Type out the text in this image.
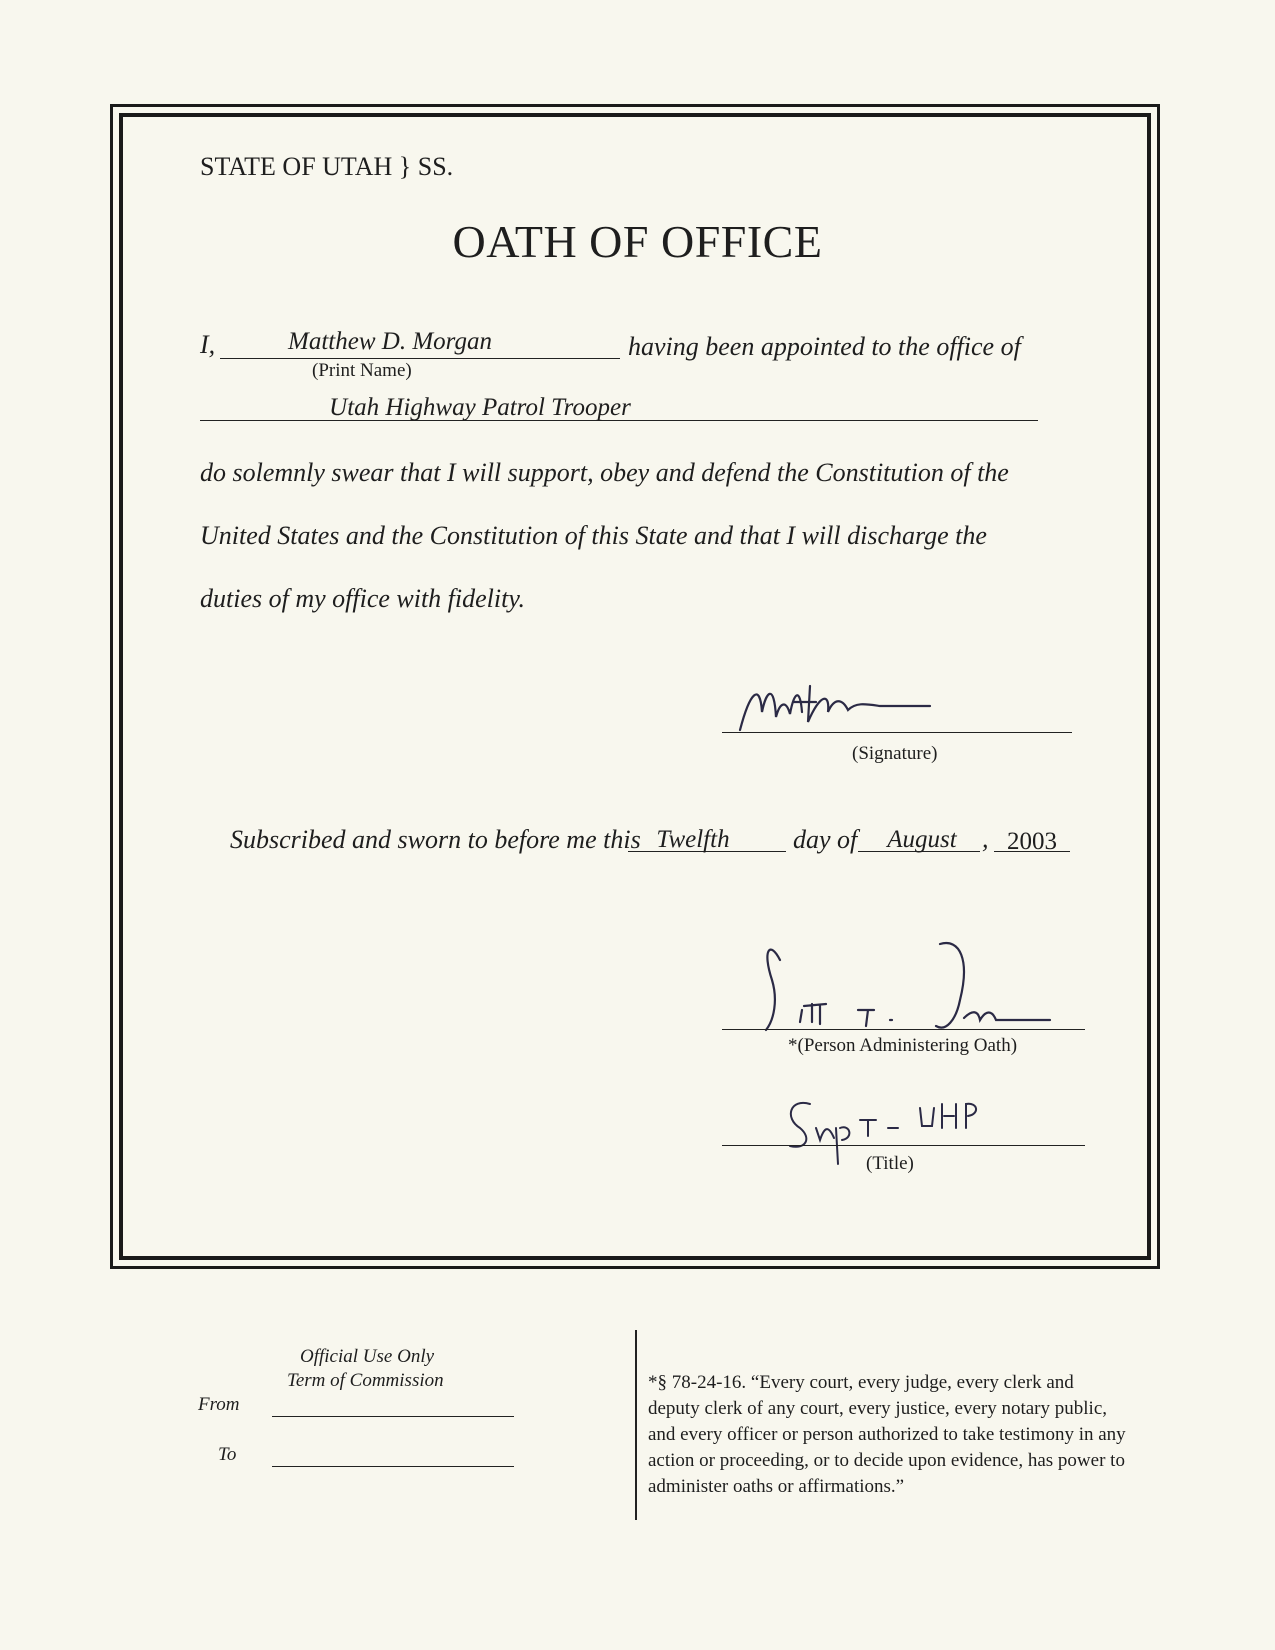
STATE OF UTAH } SS.
OATH OF OFFICE
I,	Matthew D. Morgan
(Print Name)
having been appointed to the office of
Utah Highway Patrol Trooper
do solemnly swear that I will support, obey and defend the Constitution of the
United States and the Constitution of this State and that I will discharge the
duties of my office with fidelity.
(Signature)
Subscribed and sworn to before me this Twelfth	day of	August , 2003
*(Person Administering Oath)
(Title)
Official Use Only
Term of Commission
From
To
*§ 78-24-16. “Every court, every judge, every clerk and deputy clerk of any court, every justice, every notary public, and every officer or person authorized to take testimony in any action or proceeding, or to decide upon evidence, has power to administer oaths or affirmations.”
